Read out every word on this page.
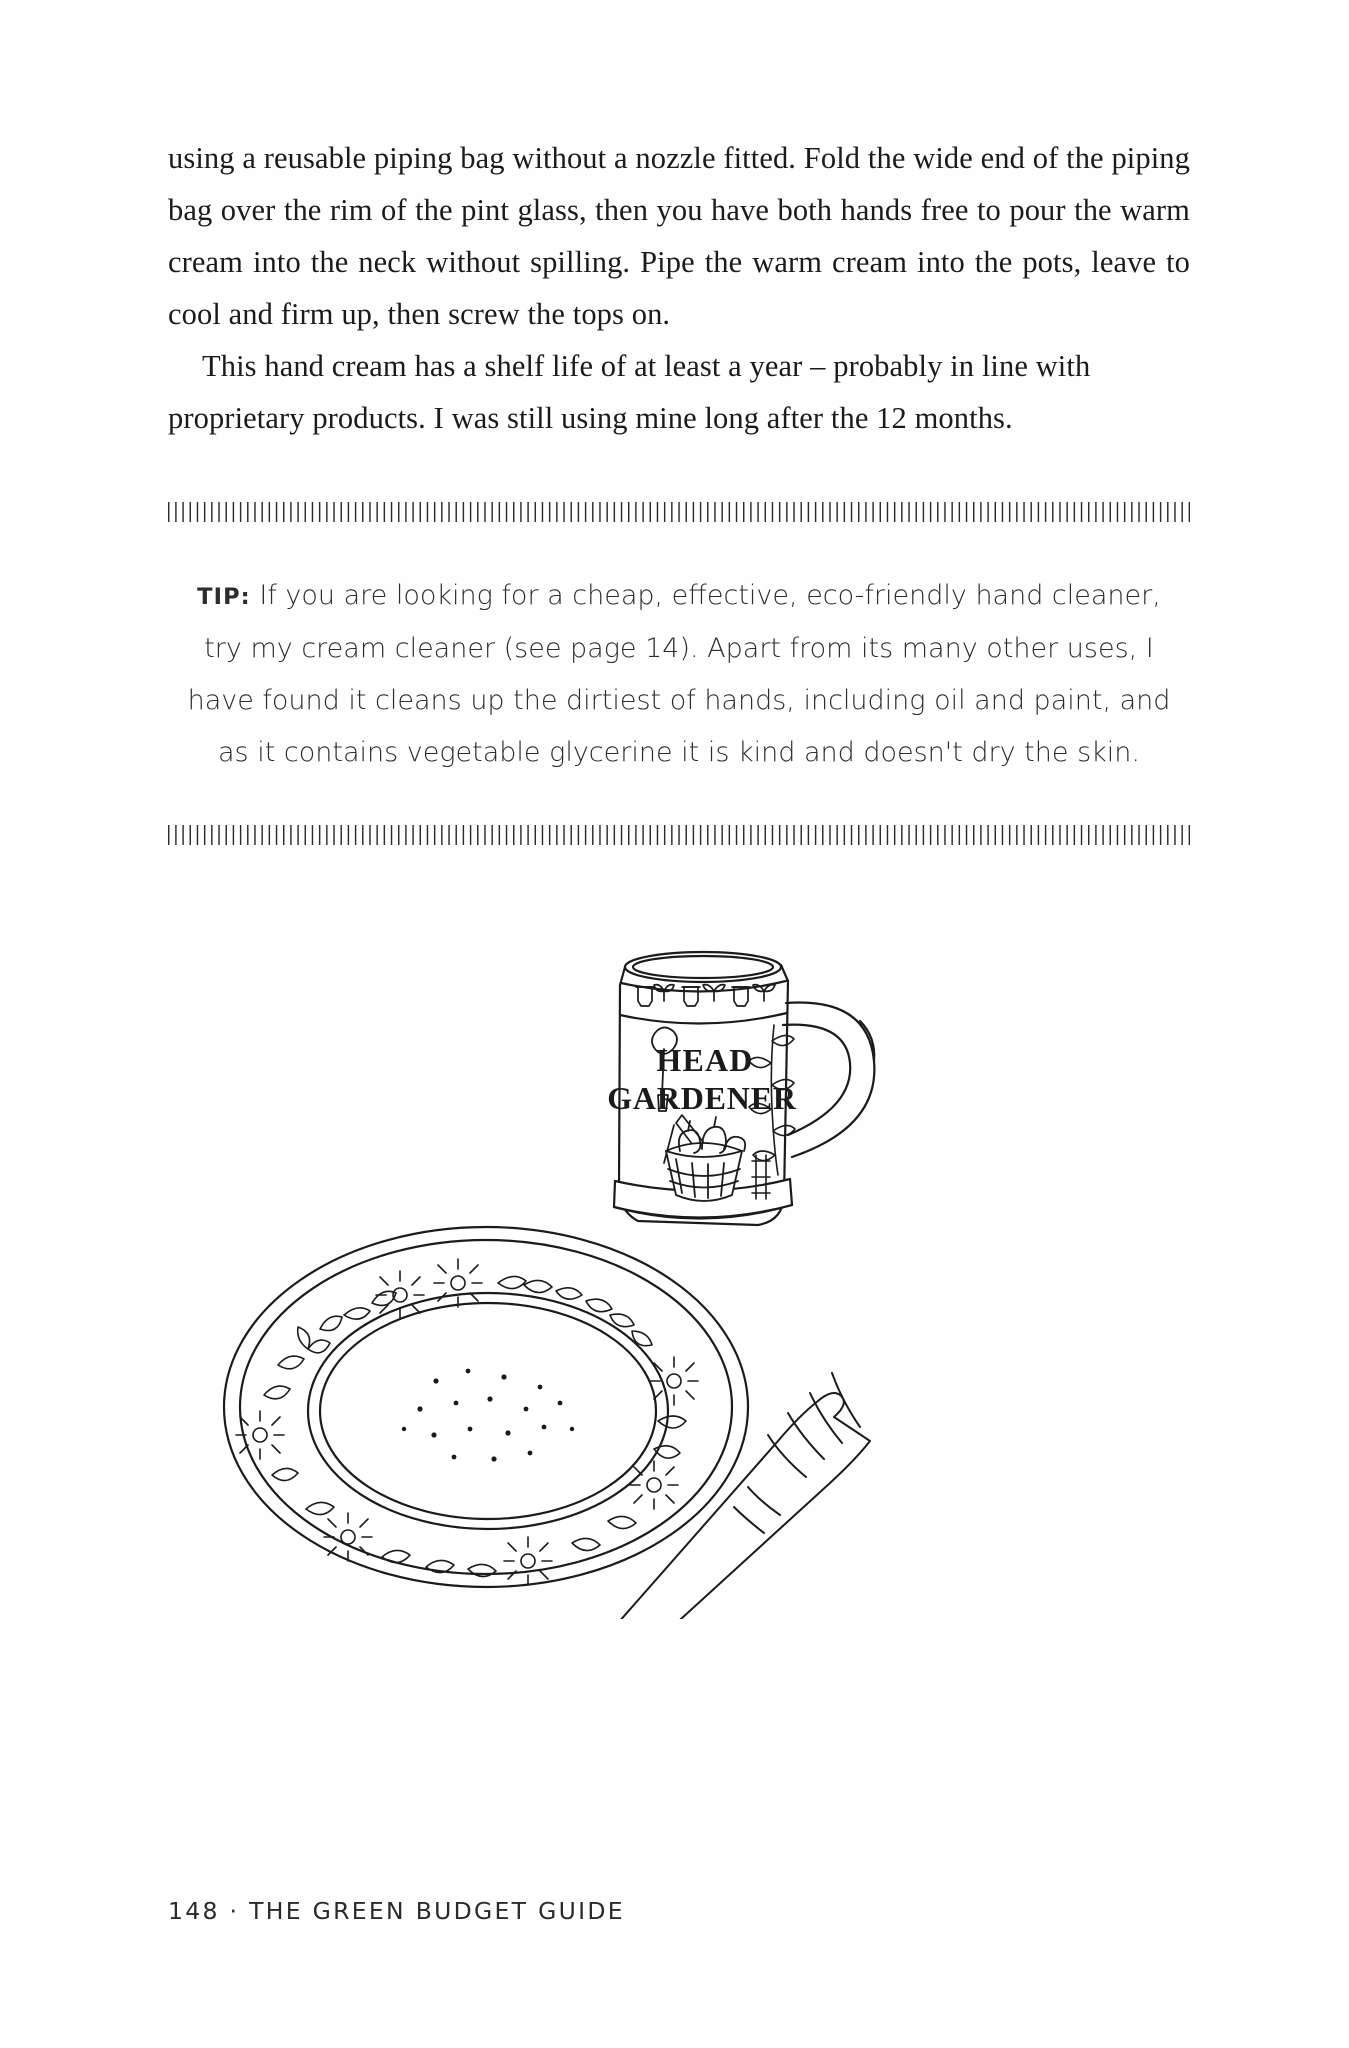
using a reusable piping bag without a nozzle fitted. Fold the wide end of the piping bag over the rim of the pint glass, then you have both hands free to pour the warm cream into the neck without spilling. Pipe the warm cream into the pots, leave to cool and firm up, then screw the tops on.

This hand cream has a shelf life of at least a year – probably in line with proprietary products. I was still using mine long after the 12 months.

TIP: If you are looking for a cheap, effective, eco-friendly hand cleaner, try my cream cleaner (see page 14). Apart from its many other uses, I have found it cleans up the dirtiest of hands, including oil and paint, and as it contains vegetable glycerine it is kind and doesn't dry the skin.
HEAD
GARDENER
148 · THE GREEN BUDGET GUIDE
